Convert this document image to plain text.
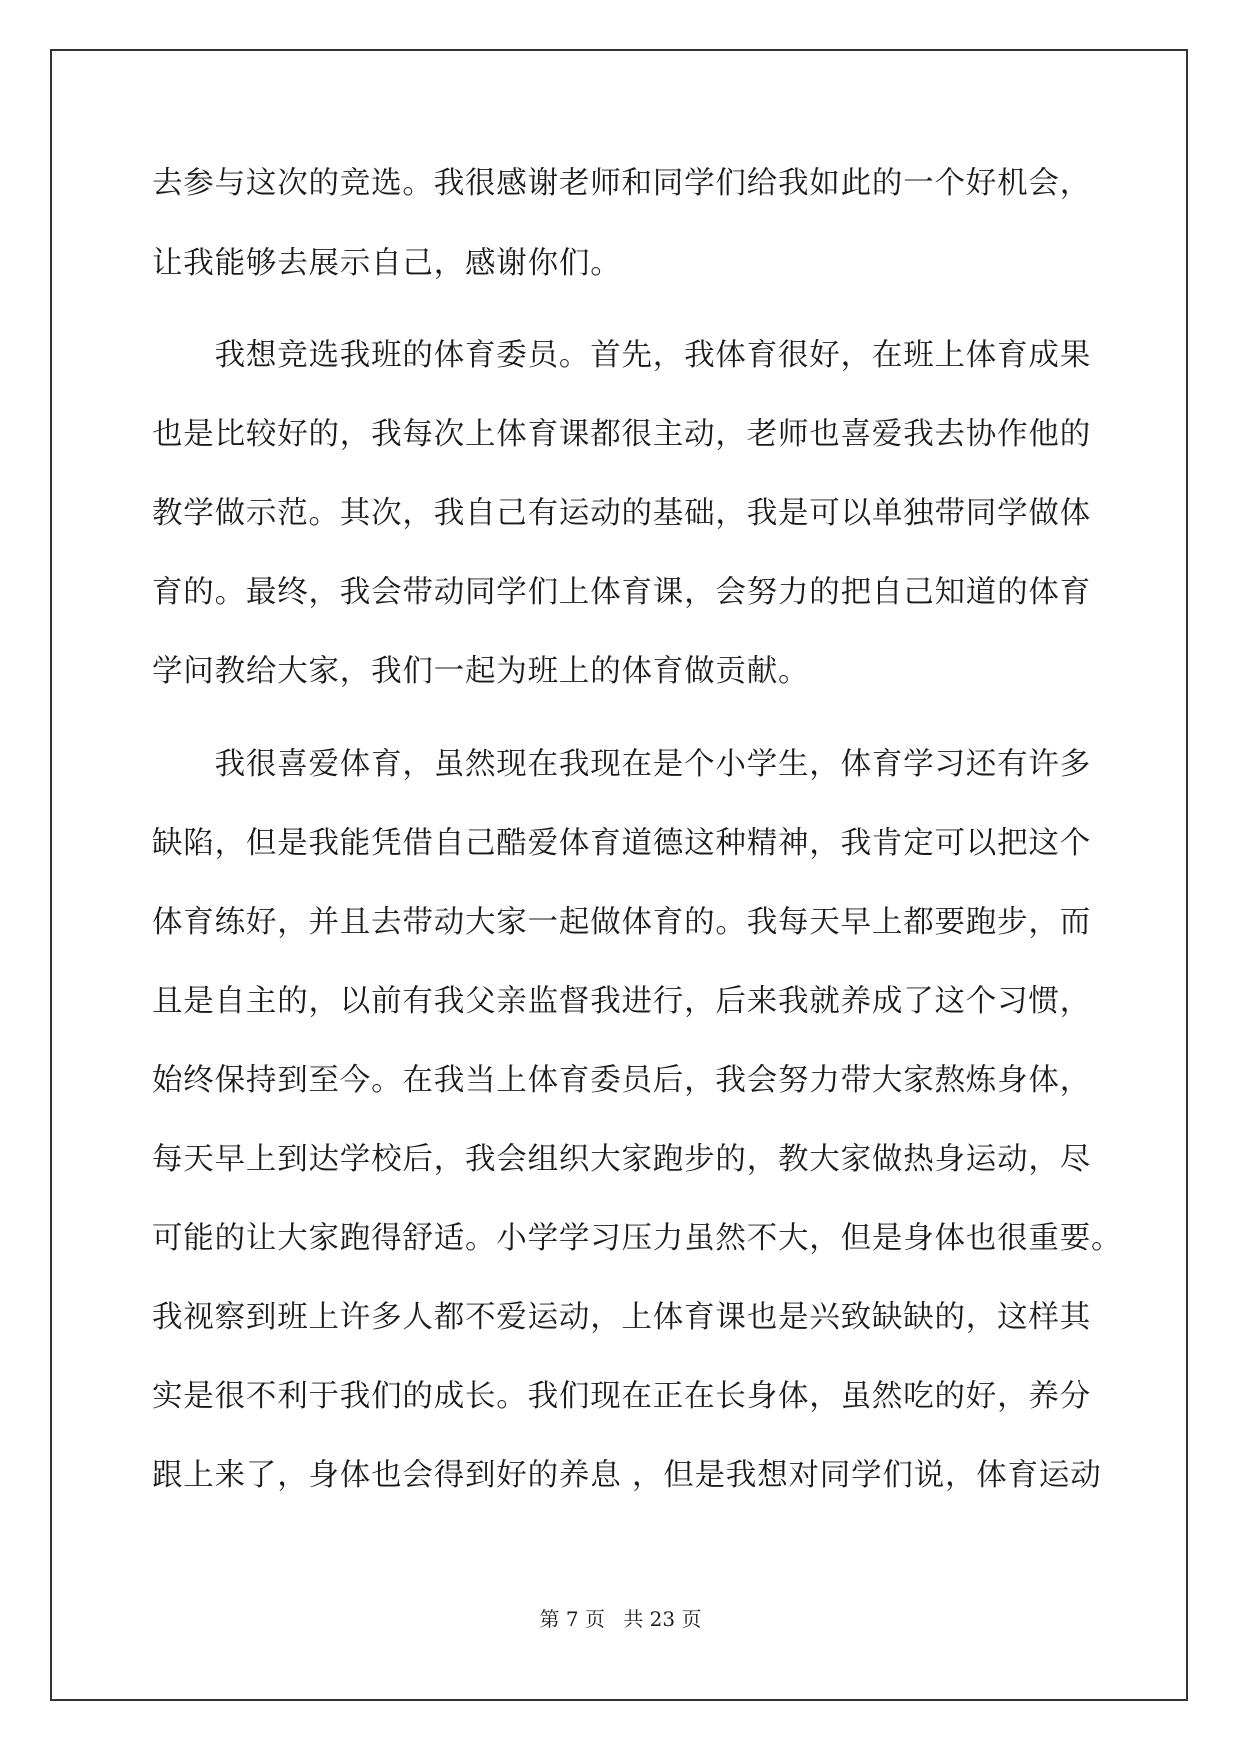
去参与这次的竞选。我很感谢老师和同学们给我如此的一个好机会，
让我能够去展示自己，感谢你们。
　　我想竞选我班的体育委员。首先，我体育很好，在班上体育成果
也是比较好的，我每次上体育课都很主动，老师也喜爱我去协作他的
教学做示范。其次，我自己有运动的基础，我是可以单独带同学做体
育的。最终，我会带动同学们上体育课，会努力的把自己知道的体育
学问教给大家，我们一起为班上的体育做贡献。
　　我很喜爱体育，虽然现在我现在是个小学生，体育学习还有许多
缺陷，但是我能凭借自己酷爱体育道德这种精神，我肯定可以把这个
体育练好，并且去带动大家一起做体育的。我每天早上都要跑步，而
且是自主的，以前有我父亲监督我进行，后来我就养成了这个习惯，
始终保持到至今。在我当上体育委员后，我会努力带大家熬炼身体，
每天早上到达学校后，我会组织大家跑步的，教大家做热身运动，尽
可能的让大家跑得舒适。小学学习压力虽然不大，但是身体也很重要。
我视察到班上许多人都不爱运动，上体育课也是兴致缺缺的，这样其
实是很不利于我们的成长。我们现在正在长身体，虽然吃的好，养分
跟上来了，身体也会得到好的养息 ，但是我想对同学们说，体育运动
第 7 页 共 23 页
